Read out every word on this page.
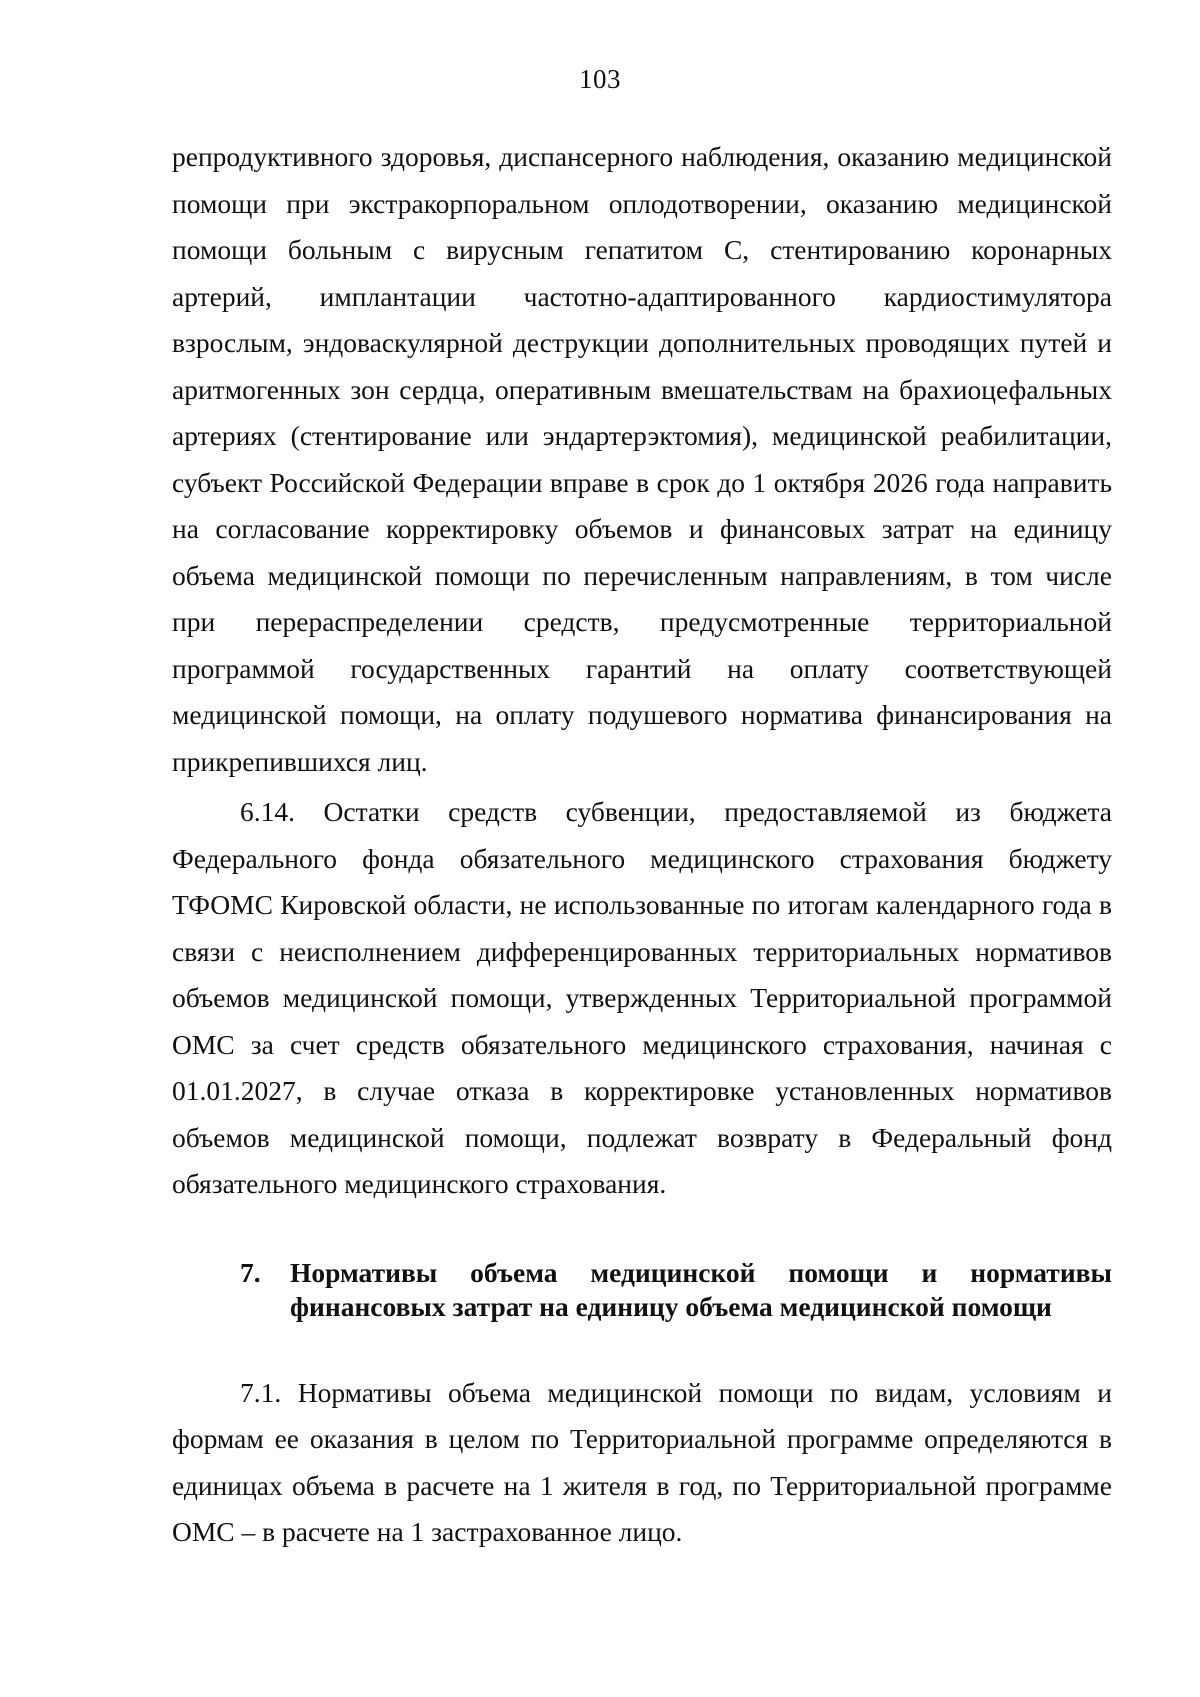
103

репродуктивного здоровья, диспансерного наблюдения, оказанию медицинской помощи при экстракорпоральном оплодотворении, оказанию медицинской помощи больным с вирусным гепатитом С, стентированию коронарных артерий, имплантации частотно-адаптированного кардиостимулятора взрослым, эндоваскулярной деструкции дополнительных проводящих путей и аритмогенных зон сердца, оперативным вмешательствам на брахиоцефальных артериях (стентирование или эндартерэктомия), медицинской реабилитации, субъект Российской Федерации вправе в срок до 1 октября 2026 года направить на согласование корректировку объемов и финансовых затрат на единицу объема медицинской помощи по перечисленным направлениям, в том числе при перераспределении средств, предусмотренные территориальной программой государственных гарантий на оплату соответствующей медицинской помощи, на оплату подушевого норматива финансирования на прикрепившихся лиц.

6.14. Остатки средств субвенции, предоставляемой из бюджета Федерального фонда обязательного медицинского страхования бюджету ТФОМС Кировской области, не использованные по итогам календарного года в связи с неисполнением дифференцированных территориальных нормативов объемов медицинской помощи, утвержденных Территориальной программой ОМС за счет средств обязательного медицинского страхования, начиная с 01.01.2027, в случае отказа в корректировке установленных нормативов объемов медицинской помощи, подлежат возврату в Федеральный фонд обязательного медицинского страхования.

7.	Нормативы объема медицинской помощи и нормативы финансовых затрат на единицу объема медицинской помощи

7.1. Нормативы объема медицинской помощи по видам, условиям и формам ее оказания в целом по Территориальной программе определяются в единицах объема в расчете на 1 жителя в год, по Территориальной программе ОМС – в расчете на 1 застрахованное лицо.
